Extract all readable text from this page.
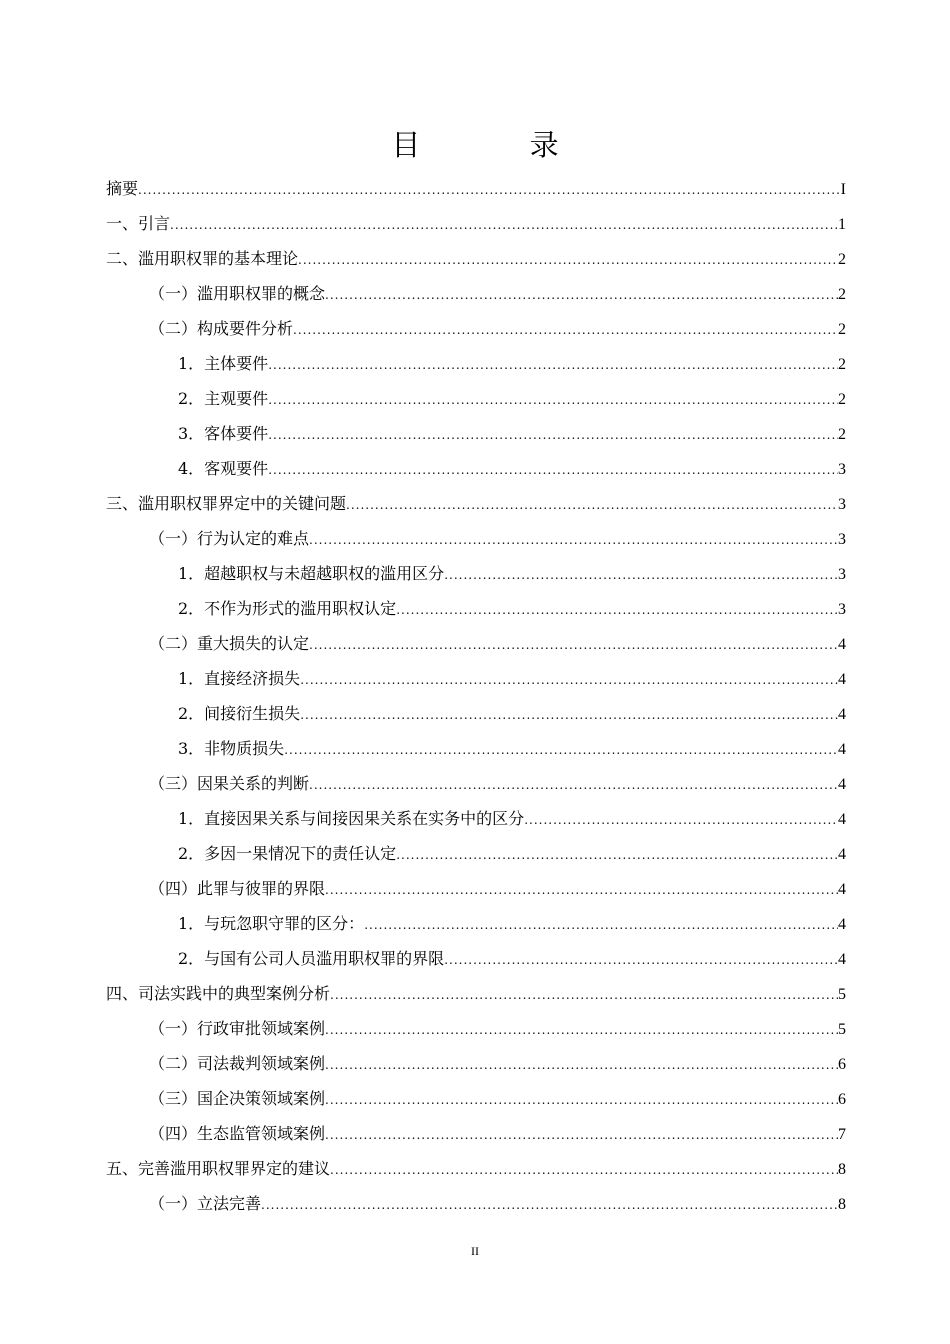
目 录
摘要 .....	I
一、引言 .....	1
二、滥用职权罪的基本理论 .....	2
（一）滥用职权罪的概念 .....	2
（二）构成要件分析 .....	2
1．主体要件 .....	2
2．主观要件 .....	2
3．客体要件 .....	2
4．客观要件 .....	3
三、滥用职权罪界定中的关键问题 .....	3
（一）行为认定的难点 .....	3
1．超越职权与未超越职权的滥用区分 .....	3
2．不作为形式的滥用职权认定 .....	3
（二）重大损失的认定 .....	4
1．直接经济损失 .....	4
2．间接衍生损失 .....	4
3．非物质损失 .....	4
（三）因果关系的判断 .....	4
1．直接因果关系与间接因果关系在实务中的区分 .....	4
2．多因一果情况下的责任认定 .....	4
（四）此罪与彼罪的界限 .....	4
1．与玩忽职守罪的区分： .....	4
2．与国有公司人员滥用职权罪的界限 .....	4
四、司法实践中的典型案例分析 .....	5
（一）行政审批领域案例 .....	5
（二）司法裁判领域案例 .....	6
（三）国企决策领域案例 .....	6
（四）生态监管领域案例 .....	7
五、完善滥用职权罪界定的建议 .....	8
（一）立法完善 .....	8
II
